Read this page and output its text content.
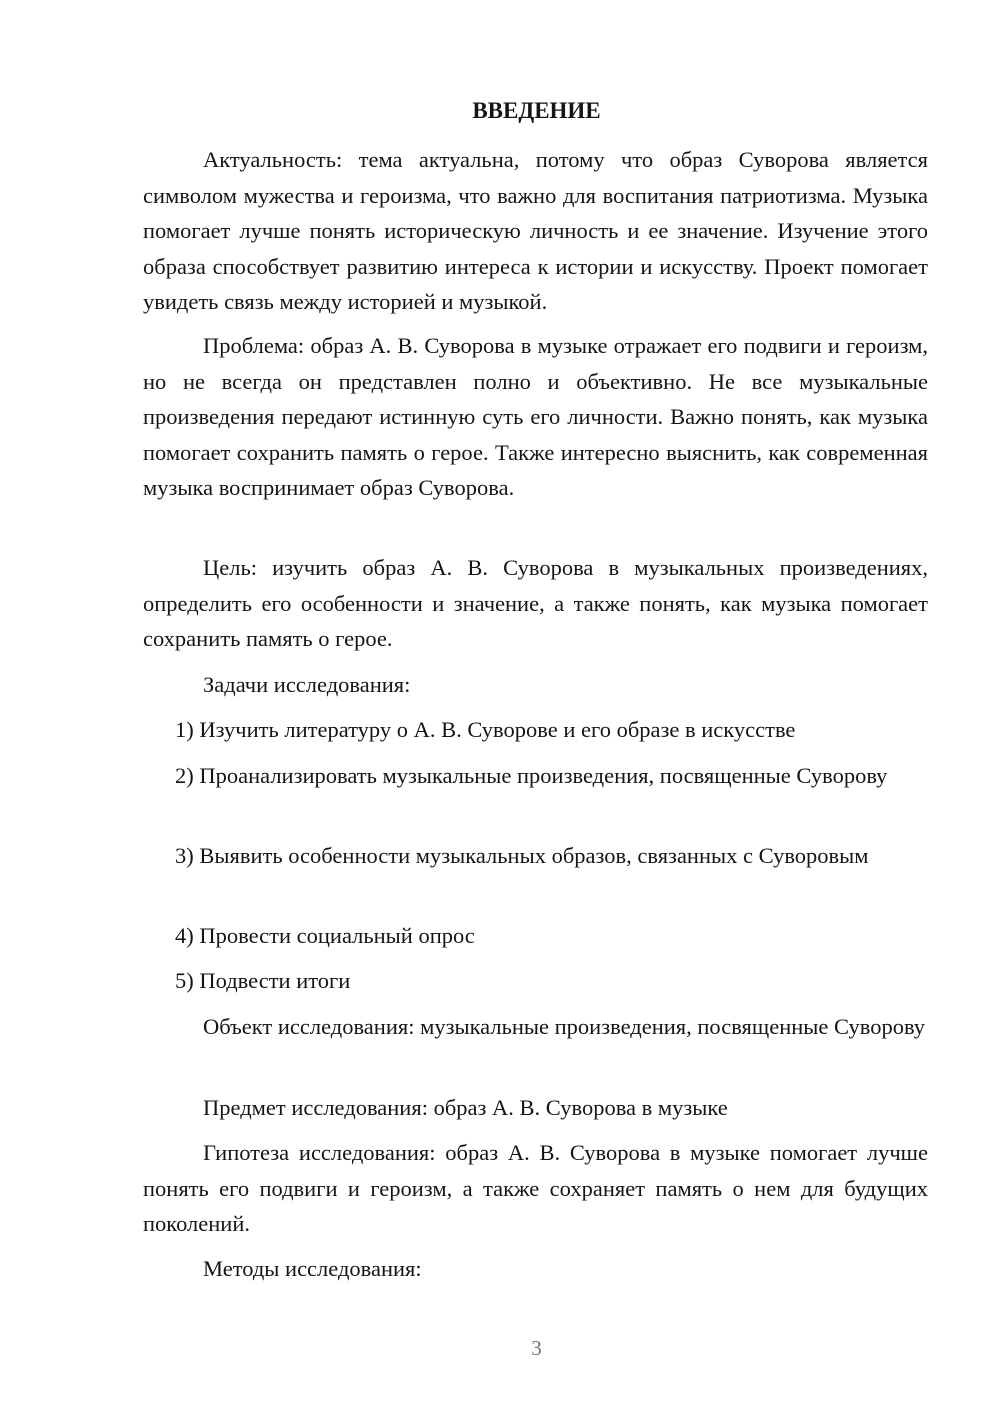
ВВЕДЕНИЕ

Актуальность: тема актуальна, потому что образ Суворова является символом мужества и героизма, что важно для воспитания патриотизма. Музыка помогает лучше понять историческую личность и ее значение. Изучение этого образа способствует развитию интереса к истории и искусству. Проект помогает увидеть связь между историей и музыкой.

Проблема: образ А. В. Суворова в музыке отражает его подвиги и героизм, но не всегда он представлен полно и объективно. Не все музыкальные произведения передают истинную суть его личности. Важно понять, как музыка помогает сохранить память о герое. Также интересно выяснить, как современная музыка воспринимает образ Суворова.

Цель: изучить образ А. В. Суворова в музыкальных произведениях, определить его особенности и значение, а также понять, как музыка помогает сохранить память о герое.

Задачи исследования:

1) Изучить литературу о А. В. Суворове и его образе в искусстве

2) Проанализировать музыкальные произведения, посвященные Суворову

3) Выявить особенности музыкальных образов, связанных с Суворовым

4) Провести социальный опрос

5) Подвести итоги

Объект исследования: музыкальные произведения, посвященные Суворову

Предмет исследования: образ А. В. Суворова в музыке

Гипотеза исследования: образ А. В. Суворова в музыке помогает лучше понять его подвиги и героизм, а также сохраняет память о нем для будущих поколений.

Методы исследования:

3
